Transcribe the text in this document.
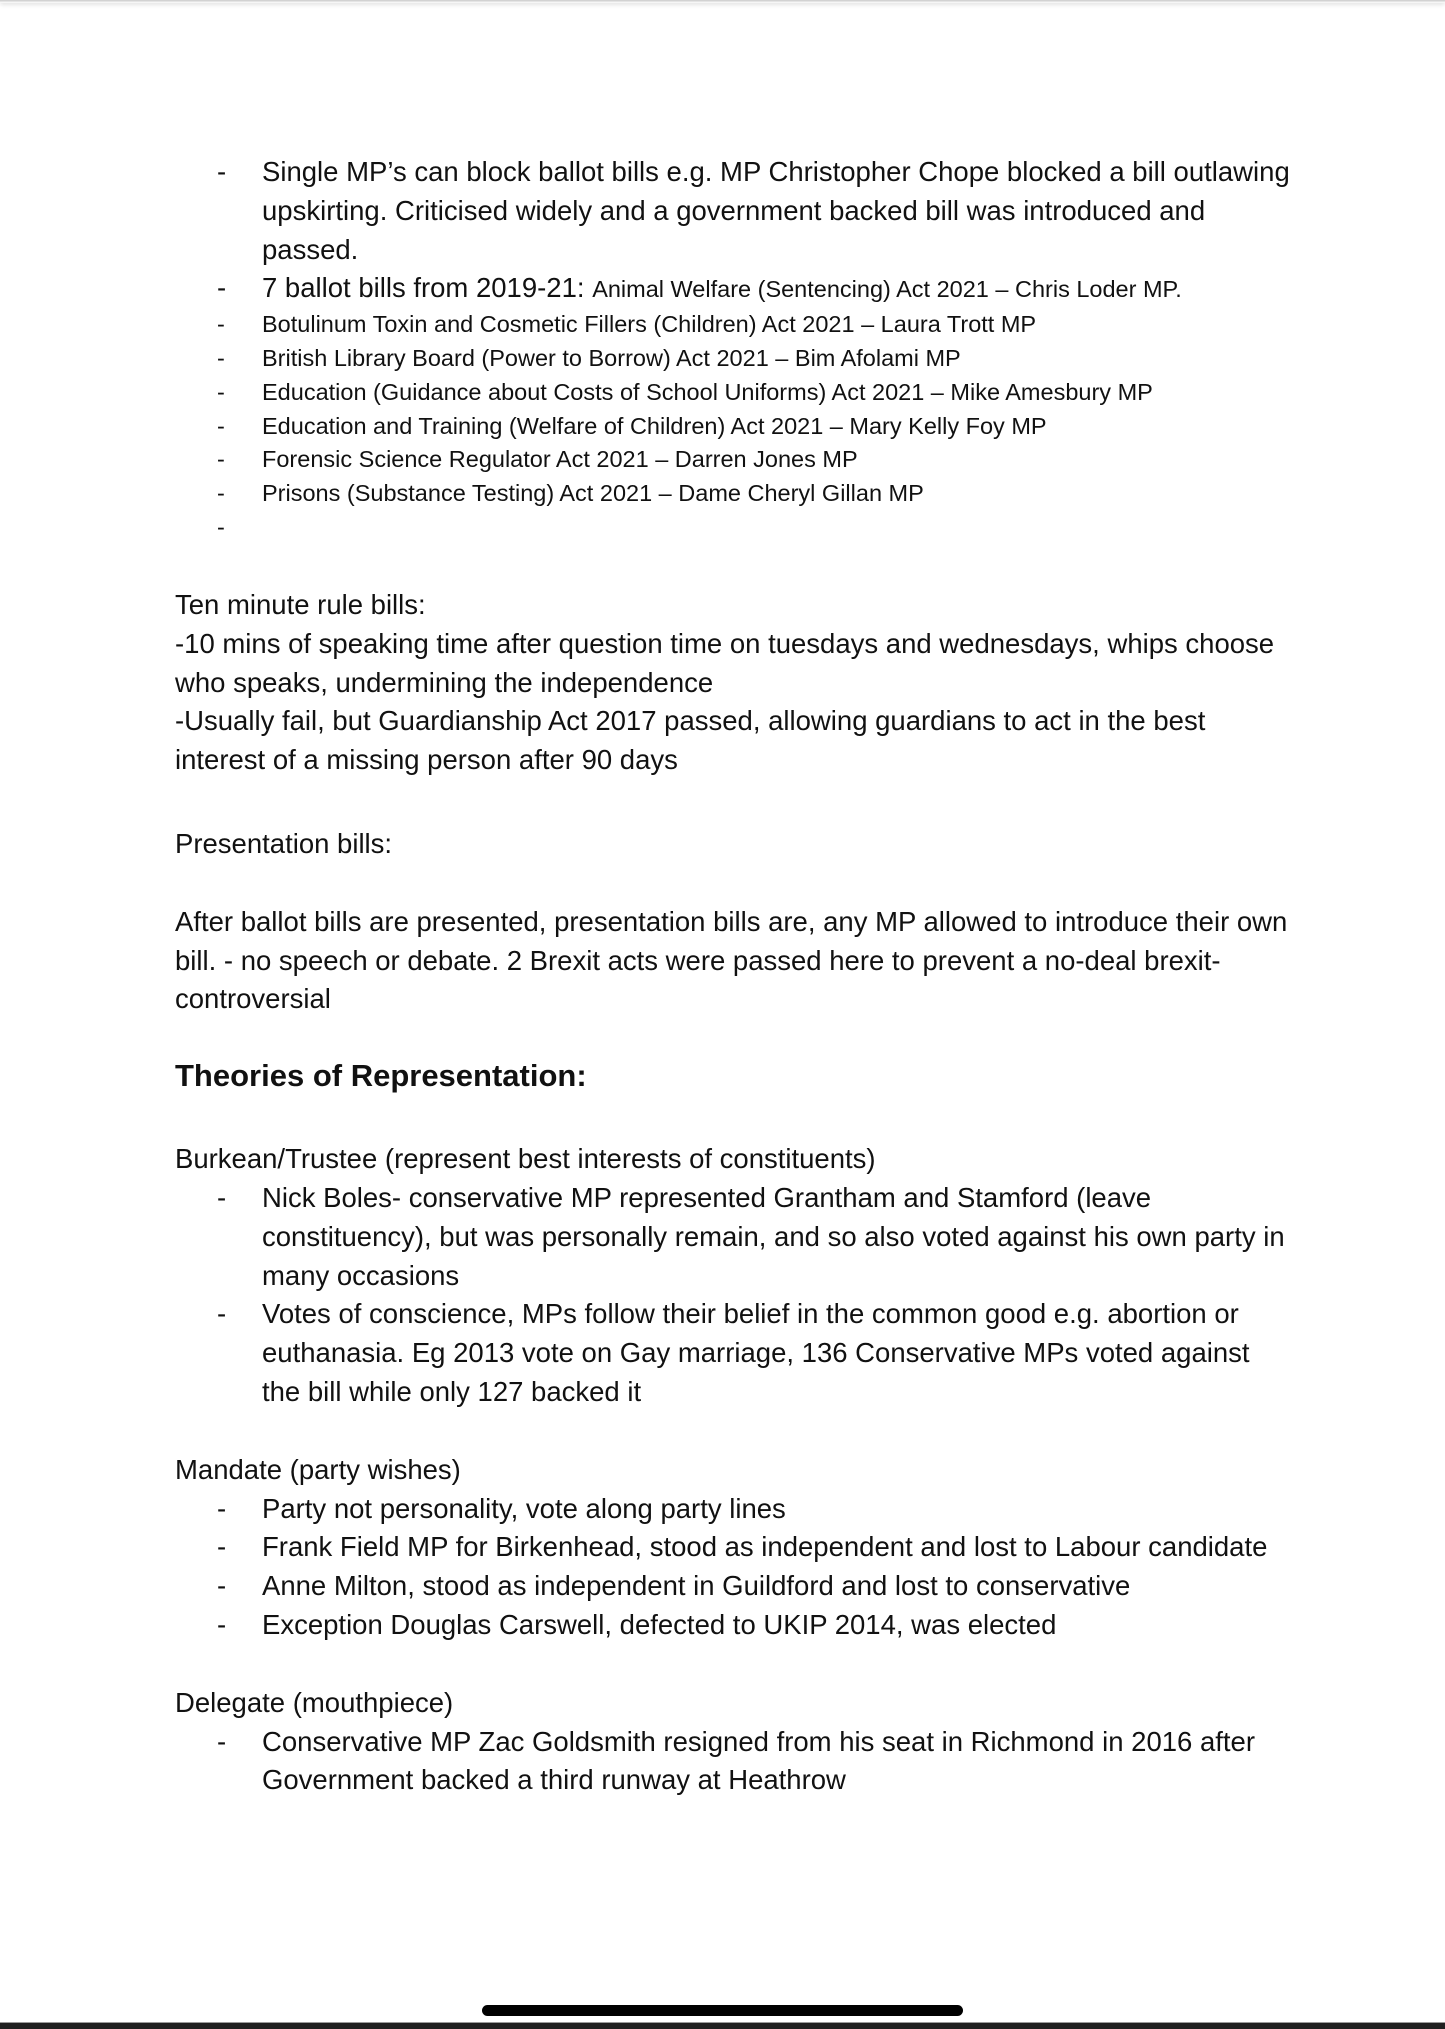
- Single MP’s can block ballot bills e.g. MP Christopher Chope blocked a bill outlawing upskirting. Criticised widely and a government backed bill was introduced and passed.
- 7 ballot bills from 2019-21: Animal Welfare (Sentencing) Act 2021 – Chris Loder MP.
- Botulinum Toxin and Cosmetic Fillers (Children) Act 2021 – Laura Trott MP
- British Library Board (Power to Borrow) Act 2021 – Bim Afolami MP
- Education (Guidance about Costs of School Uniforms) Act 2021 – Mike Amesbury MP
- Education and Training (Welfare of Children) Act 2021 – Mary Kelly Foy MP
- Forensic Science Regulator Act 2021 – Darren Jones MP
- Prisons (Substance Testing) Act 2021 – Dame Cheryl Gillan MP
-

Ten minute rule bills:

-10 mins of speaking time after question time on tuesdays and wednesdays, whips choose who speaks, undermining the independence

-Usually fail, but Guardianship Act 2017 passed, allowing guardians to act in the best interest of a missing person after 90 days

Presentation bills:

After ballot bills are presented, presentation bills are, any MP allowed to introduce their own bill. - no speech or debate. 2 Brexit acts were passed here to prevent a no-deal brexit- controversial

Theories of Representation:

Burkean/Trustee (represent best interests of constituents)

- Nick Boles- conservative MP represented Grantham and Stamford (leave constituency), but was personally remain, and so also voted against his own party in many occasions
- Votes of conscience, MPs follow their belief in the common good e.g. abortion or euthanasia. Eg 2013 vote on Gay marriage, 136 Conservative MPs voted against the bill while only 127 backed it

Mandate (party wishes)

- Party not personality, vote along party lines
- Frank Field MP for Birkenhead, stood as independent and lost to Labour candidate
- Anne Milton, stood as independent in Guildford and lost to conservative
- Exception Douglas Carswell, defected to UKIP 2014, was elected

Delegate (mouthpiece)

- Conservative MP Zac Goldsmith resigned from his seat in Richmond in 2016 after Government backed a third runway at Heathrow
